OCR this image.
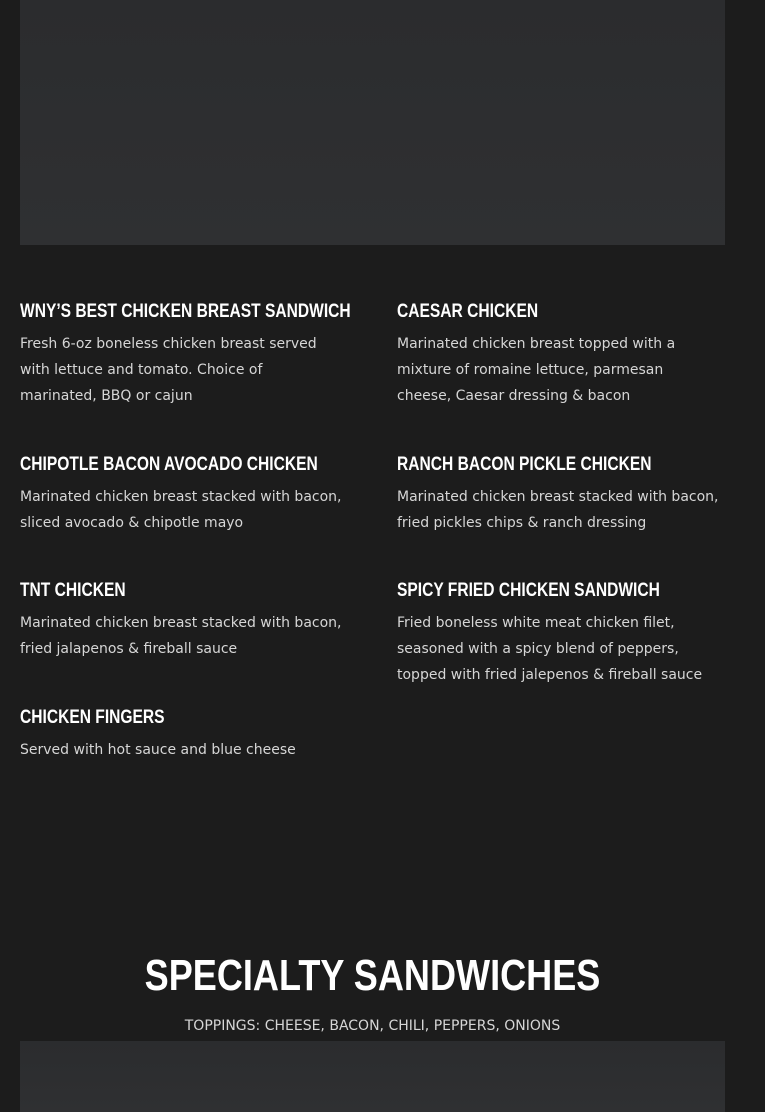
WNY’S BEST CHICKEN BREAST SANDWICH

Fresh 6-oz boneless chicken breast served with lettuce and tomato. Choice of marinated, BBQ or cajun

CAESAR CHICKEN

Marinated chicken breast topped with a mixture of romaine lettuce, parmesan cheese, Caesar dressing & bacon

CHIPOTLE BACON AVOCADO CHICKEN

Marinated chicken breast stacked with bacon, sliced avocado & chipotle mayo

RANCH BACON PICKLE CHICKEN

Marinated chicken breast stacked with bacon, fried pickles chips & ranch dressing

TNT CHICKEN

Marinated chicken breast stacked with bacon, fried jalapenos & fireball sauce

SPICY FRIED CHICKEN SANDWICH

Fried boneless white meat chicken filet, seasoned with a spicy blend of peppers, topped with fried jalepenos & fireball sauce

CHICKEN FINGERS

Served with hot sauce and blue cheese

SPECIALTY SANDWICHES

TOPPINGS: CHEESE, BACON, CHILI, PEPPERS, ONIONS
